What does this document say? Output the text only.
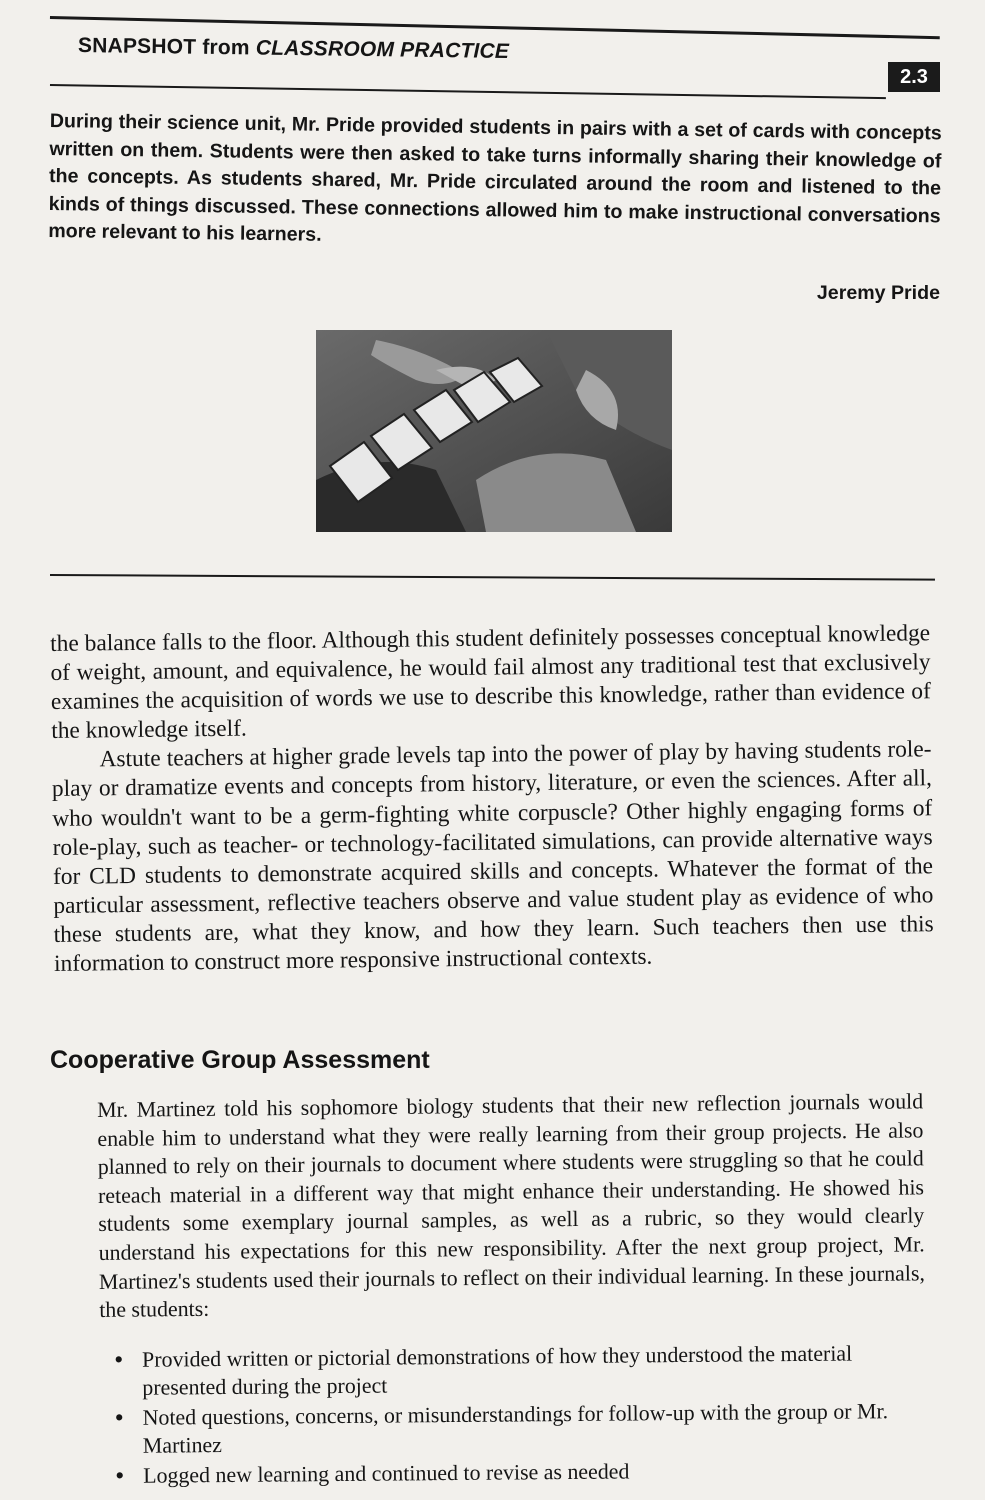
SNAPSHOT from CLASSROOM PRACTICE
2.3
During their science unit, Mr. Pride provided students in pairs with a set of cards with concepts written on them. Students were then asked to take turns informally sharing their knowledge of the concepts. As students shared, Mr. Pride circulated around the room and listened to the kinds of things discussed. These connections allowed him to make instructional conversations more relevant to his learners.
Jeremy Pride

the balance falls to the floor. Although this student definitely possesses conceptual knowledge of weight, amount, and equivalence, he would fail almost any traditional test that exclusively examines the acquisition of words we use to describe this knowledge, rather than evidence of the knowledge itself.

Astute teachers at higher grade levels tap into the power of play by having students role-play or dramatize events and concepts from history, literature, or even the sciences. After all, who wouldn't want to be a germ-fighting white corpuscle? Other highly engaging forms of role-play, such as teacher- or technology-facilitated simulations, can provide alternative ways for CLD students to demonstrate acquired skills and concepts. Whatever the format of the particular assessment, reflective teachers observe and value student play as evidence of who these students are, what they know, and how they learn. Such teachers then use this information to construct more responsive instructional contexts.

Cooperative Group Assessment

Mr. Martinez told his sophomore biology students that their new reflection journals would enable him to understand what they were really learning from their group projects. He also planned to rely on their journals to document where students were struggling so that he could reteach material in a different way that might enhance their understanding. He showed his students some exemplary journal samples, as well as a rubric, so they would clearly understand his expectations for this new responsibility. After the next group project, Mr. Martinez's students used their journals to reflect on their individual learning. In these journals, the students:

• Provided written or pictorial demonstrations of how they understood the material presented during the project
• Noted questions, concerns, or misunderstandings for follow-up with the group or Mr. Martinez
• Logged new learning and continued to revise as needed
